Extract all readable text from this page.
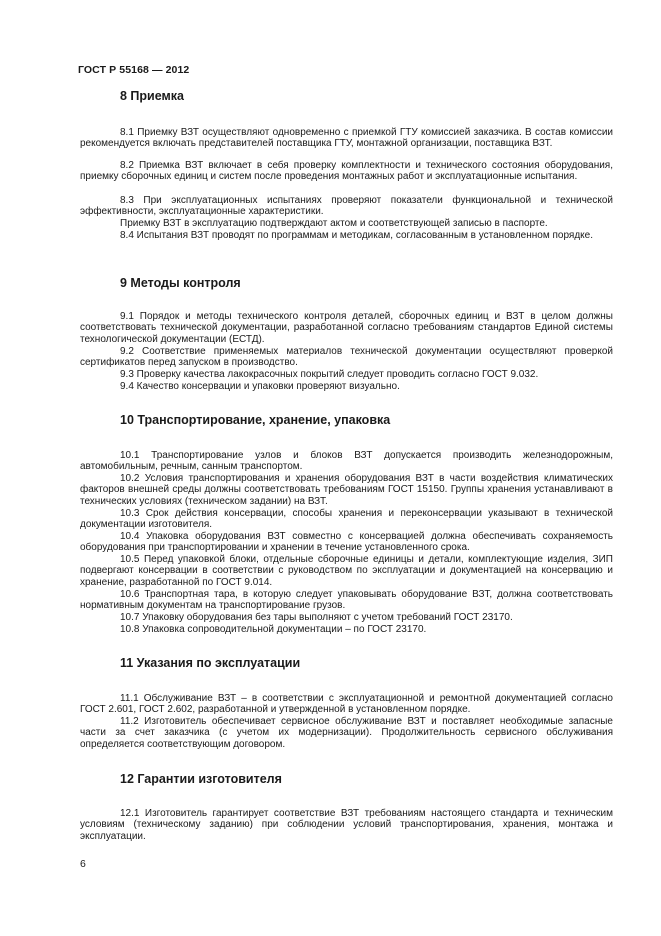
ГОСТ Р 55168 — 2012
8 Приемка

8.1 Приемку ВЗТ осуществляют одновременно с приемкой ГТУ комиссией заказчика. В состав комиссии рекомендуется включать представителей поставщика ГТУ, монтажной организации, поставщика ВЗТ.

8.2 Приемка ВЗТ включает в себя проверку комплектности и технического состояния оборудования, приемку сборочных единиц и систем после проведения монтажных работ и эксплуатационные испытания.

8.3 При эксплуатационных испытаниях проверяют показатели функциональной и технической эффективности, эксплуатационные характеристики.

Приемку ВЗТ в эксплуатацию подтверждают актом и соответствующей записью в паспорте.

8.4 Испытания ВЗТ проводят по программам и методикам, согласованным в установленном порядке.

9 Методы контроля

9.1 Порядок и методы технического контроля деталей, сборочных единиц и ВЗТ в целом должны соответствовать технической документации, разработанной согласно требованиям стандартов Единой системы технологической документации (ЕСТД).

9.2 Соответствие применяемых материалов технической документации осуществляют проверкой сертификатов перед запуском в производство.

9.3 Проверку качества лакокрасочных покрытий следует проводить согласно ГОСТ 9.032.

9.4 Качество консервации и упаковки проверяют визуально.

10 Транспортирование, хранение, упаковка

10.1 Транспортирование узлов и блоков ВЗТ допускается производить железнодорожным, автомобильным, речным, санным транспортом.

10.2 Условия транспортирования и хранения оборудования ВЗТ в части воздействия климатических факторов внешней среды должны соответствовать требованиям ГОСТ 15150. Группы хранения устанавливают в технических условиях (техническом задании) на ВЗТ.

10.3 Срок действия консервации, способы хранения и переконсервации указывают в технической документации изготовителя.

10.4 Упаковка оборудования ВЗТ совместно с консервацией должна обеспечивать сохраняемость оборудования при транспортировании и хранении в течение установленного срока.

10.5 Перед упаковкой блоки, отдельные сборочные единицы и детали, комплектующие изделия, ЗИП подвергают консервации в соответствии с руководством по эксплуатации и документацией на консервацию и хранение, разработанной по ГОСТ 9.014.

10.6 Транспортная тара, в которую следует упаковывать оборудование ВЗТ, должна соответствовать нормативным документам на транспортирование грузов.

10.7 Упаковку оборудования без тары выполняют с учетом требований ГОСТ 23170.

10.8 Упаковка сопроводительной документации – по ГОСТ 23170.

11 Указания по эксплуатации

11.1 Обслуживание ВЗТ – в соответствии с эксплуатационной и ремонтной документацией согласно ГОСТ 2.601, ГОСТ 2.602, разработанной и утвержденной в установленном порядке.

11.2 Изготовитель обеспечивает сервисное обслуживание ВЗТ и поставляет необходимые запасные части за счет заказчика (с учетом их модернизации). Продолжительность сервисного обслуживания определяется соответствующим договором.

12 Гарантии изготовителя

12.1 Изготовитель гарантирует соответствие ВЗТ требованиям настоящего стандарта и техническим условиям (техническому заданию) при соблюдении условий транспортирования, хранения, монтажа и эксплуатации.

6
